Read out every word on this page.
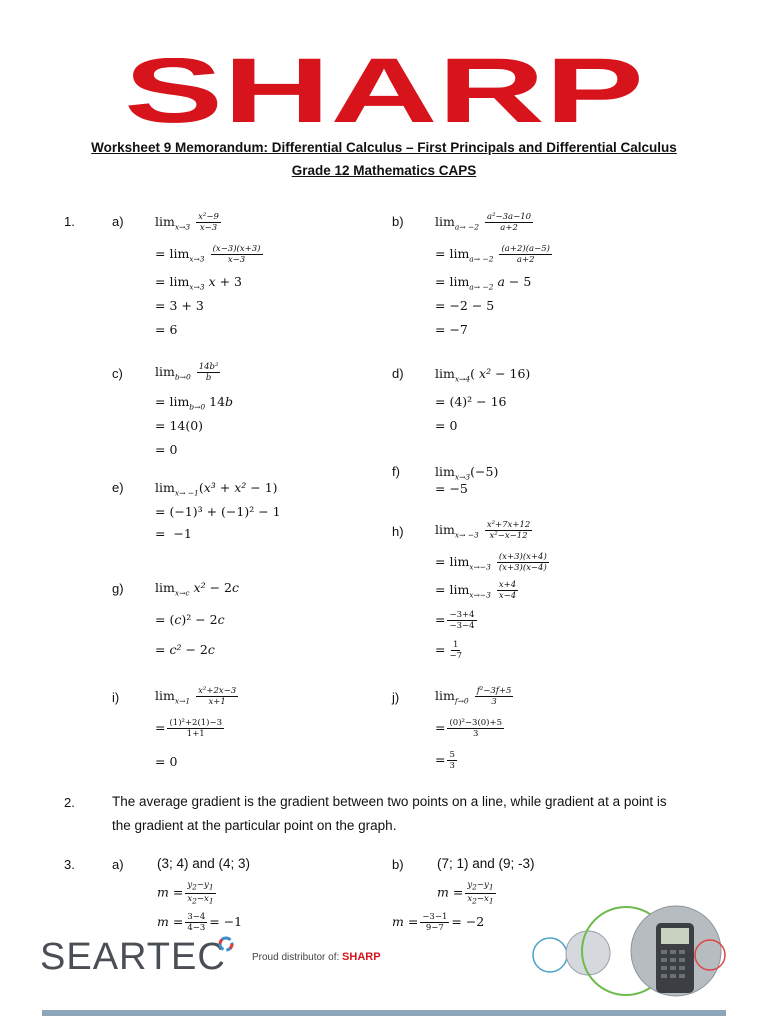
SHARP
Worksheet 9 Memorandum: Differential Calculus – First Principals and Differential Calculus
Grade 12 Mathematics CAPS
1.	a)	$\lim_{x\to 3} \frac{\text{x²−9}}{x-3}$
= $\lim_{x\to 3} \frac{(x-3)(x+3)}{x-3}$
= $\lim_{x\to 3} x + 3$
= 3 + 3
= 6
b)	$\lim_{a\to -2} \frac{\text{a²−3a−10}}{a+2}$
= $\lim_{a\to -2} \frac{(a+2)(a-5)}{a+2}$
= $\lim_{a\to -2} a - 5$
= −2 − 5
= −7
c)	$\lim_{b\to 0} \frac{\text{14b²}}{b}$
= $\lim_{b\to 0} 14b$
= 14(0)
= 0
d)	$\lim_{x\to 4}$( x² − 16)
= (4)² − 16
= 0
f)	$\lim_{x\to 3}(-5)$
= −5
e)	$\lim_{x\to -1}(x^3 + x^2 - 1)$
= (−1)³ + (−1)² − 1
=  −1	h)	$\lim_{x\to -3} \frac{\text{x²+7x+12}}{\text{x²−x−12}}$
= $\lim_{x\to-3} \frac{(x+3)(x+4)}{(x+3)(x-4)}$
= $\lim_{x\to-3} \frac{x+4}{x-4}$
= $\frac{-3+4}{-3-4}$
= $\frac{1}{-7}$
g)	$\lim_{x\to c} x^2 - 2c$
= (c)² − 2c
= c² − 2c
i)	$\lim_{x\to 1} \frac{\text{x²+2x−3}}{x+1}$
= $\frac{\text{(1)²+2(1)−3}}{1+1}$
= 0
j)	$\lim_{f\to 0} \frac{\text{f²−3f+5}}{3}$
= $\frac{\text{(0)²−3(0)+5}}{3}$
= $\frac{5}{3}$
2.	The average gradient is the gradient between two points on a line, while gradient at a point is
the gradient at the particular point on the graph.
3.	a) (3; 4) and (4; 3)
$m = \frac{y_2-y_1}{x_2-x_1}$
$m = \frac{3-4}{4-3} = -1$
b) (7; 1) and (9; -3)
$m = \frac{y_2-y_1}{x_2-x_1}$
$m = \frac{-3-1}{9-7} = -2$
SEARTEC	Proud distributor of: SHARP
